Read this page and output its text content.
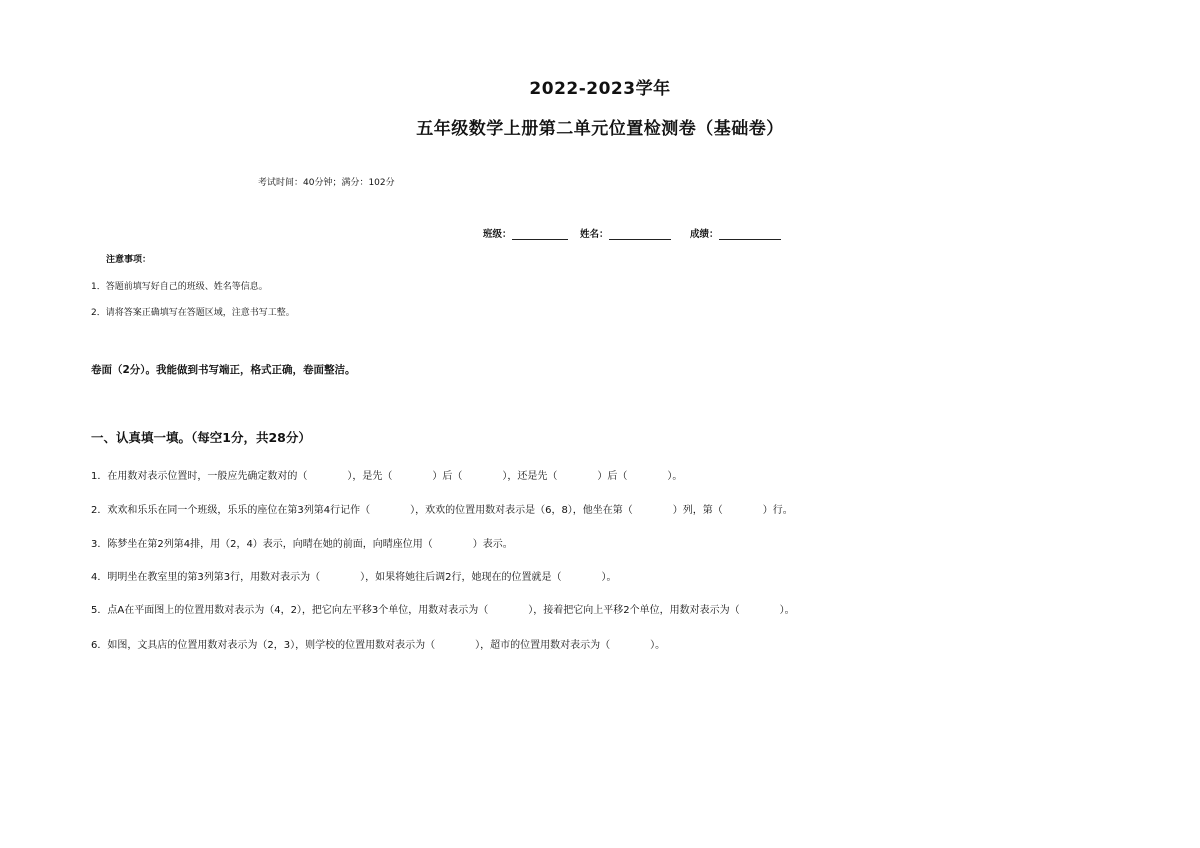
2022-2023学年
五年级数学上册第二单元位置检测卷（基础卷）
考试时间：40分钟；满分：102分
班级：	姓名：	成绩：
注意事项：
1．答题前填写好自己的班级、姓名等信息。
2．请将答案正确填写在答题区域，注意书写工整。
卷面（2分）。我能做到书写端正，格式正确，卷面整洁。
一、认真填一填。（每空1分，共28分）
1．在用数对表示位置时，一般应先确定数对的（　　　　），是先（　　　　）后（　　　　），还是先（　　　　）后（　　　　）。
2．欢欢和乐乐在同一个班级，乐乐的座位在第3列第4行记作（　　　　），欢欢的位置用数对表示是（6，8），他坐在第（　　　　）列，第（　　　　）行。
3．陈梦坐在第2列第4排，用（2，4）表示，向晴在她的前面，向晴座位用（　　　　）表示。
4．明明坐在教室里的第3列第3行，用数对表示为（　　　　），如果将她往后调2行，她现在的位置就是（　　　　）。
5．点A在平面图上的位置用数对表示为（4，2），把它向左平移3个单位，用数对表示为（　　　　），接着把它向上平移2个单位，用数对表示为（　　　　）。
6．如图，文具店的位置用数对表示为（2，3），则学校的位置用数对表示为（　　　　），超市的位置用数对表示为（　　　　）。
